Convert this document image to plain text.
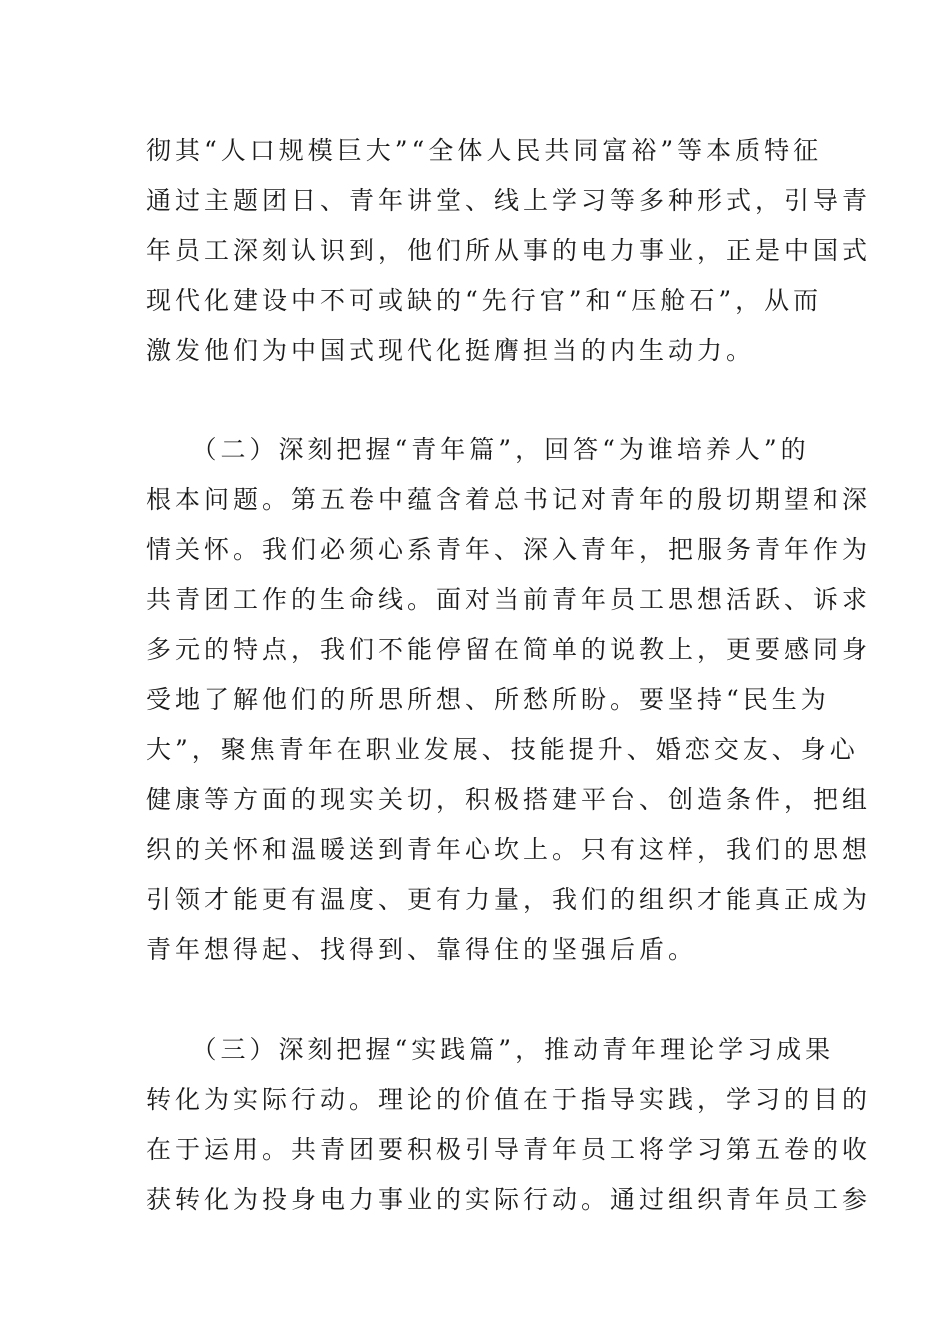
彻其“人口规模巨大”“全体人民共同富裕”等本质特征
通过主题团日、青年讲堂、线上学习等多种形式，引导青
年员工深刻认识到，他们所从事的电力事业，正是中国式
现代化建设中不可或缺的“先行官”和“压舱石”，从而
激发他们为中国式现代化挺膺担当的内生动力。
　　（二）深刻把握“青年篇”，回答“为谁培养人”的
根本问题。第五卷中蕴含着总书记对青年的殷切期望和深
情关怀。我们必须心系青年、深入青年，把服务青年作为
共青团工作的生命线。面对当前青年员工思想活跃、诉求
多元的特点，我们不能停留在简单的说教上，更要感同身
受地了解他们的所思所想、所愁所盼。要坚持“民生为
大”，聚焦青年在职业发展、技能提升、婚恋交友、身心
健康等方面的现实关切，积极搭建平台、创造条件，把组
织的关怀和温暖送到青年心坎上。只有这样，我们的思想
引领才能更有温度、更有力量，我们的组织才能真正成为
青年想得起、找得到、靠得住的坚强后盾。
　　（三）深刻把握“实践篇”，推动青年理论学习成果
转化为实际行动。理论的价值在于指导实践，学习的目的
在于运用。共青团要积极引导青年员工将学习第五卷的收
获转化为投身电力事业的实际行动。通过组织青年员工参
